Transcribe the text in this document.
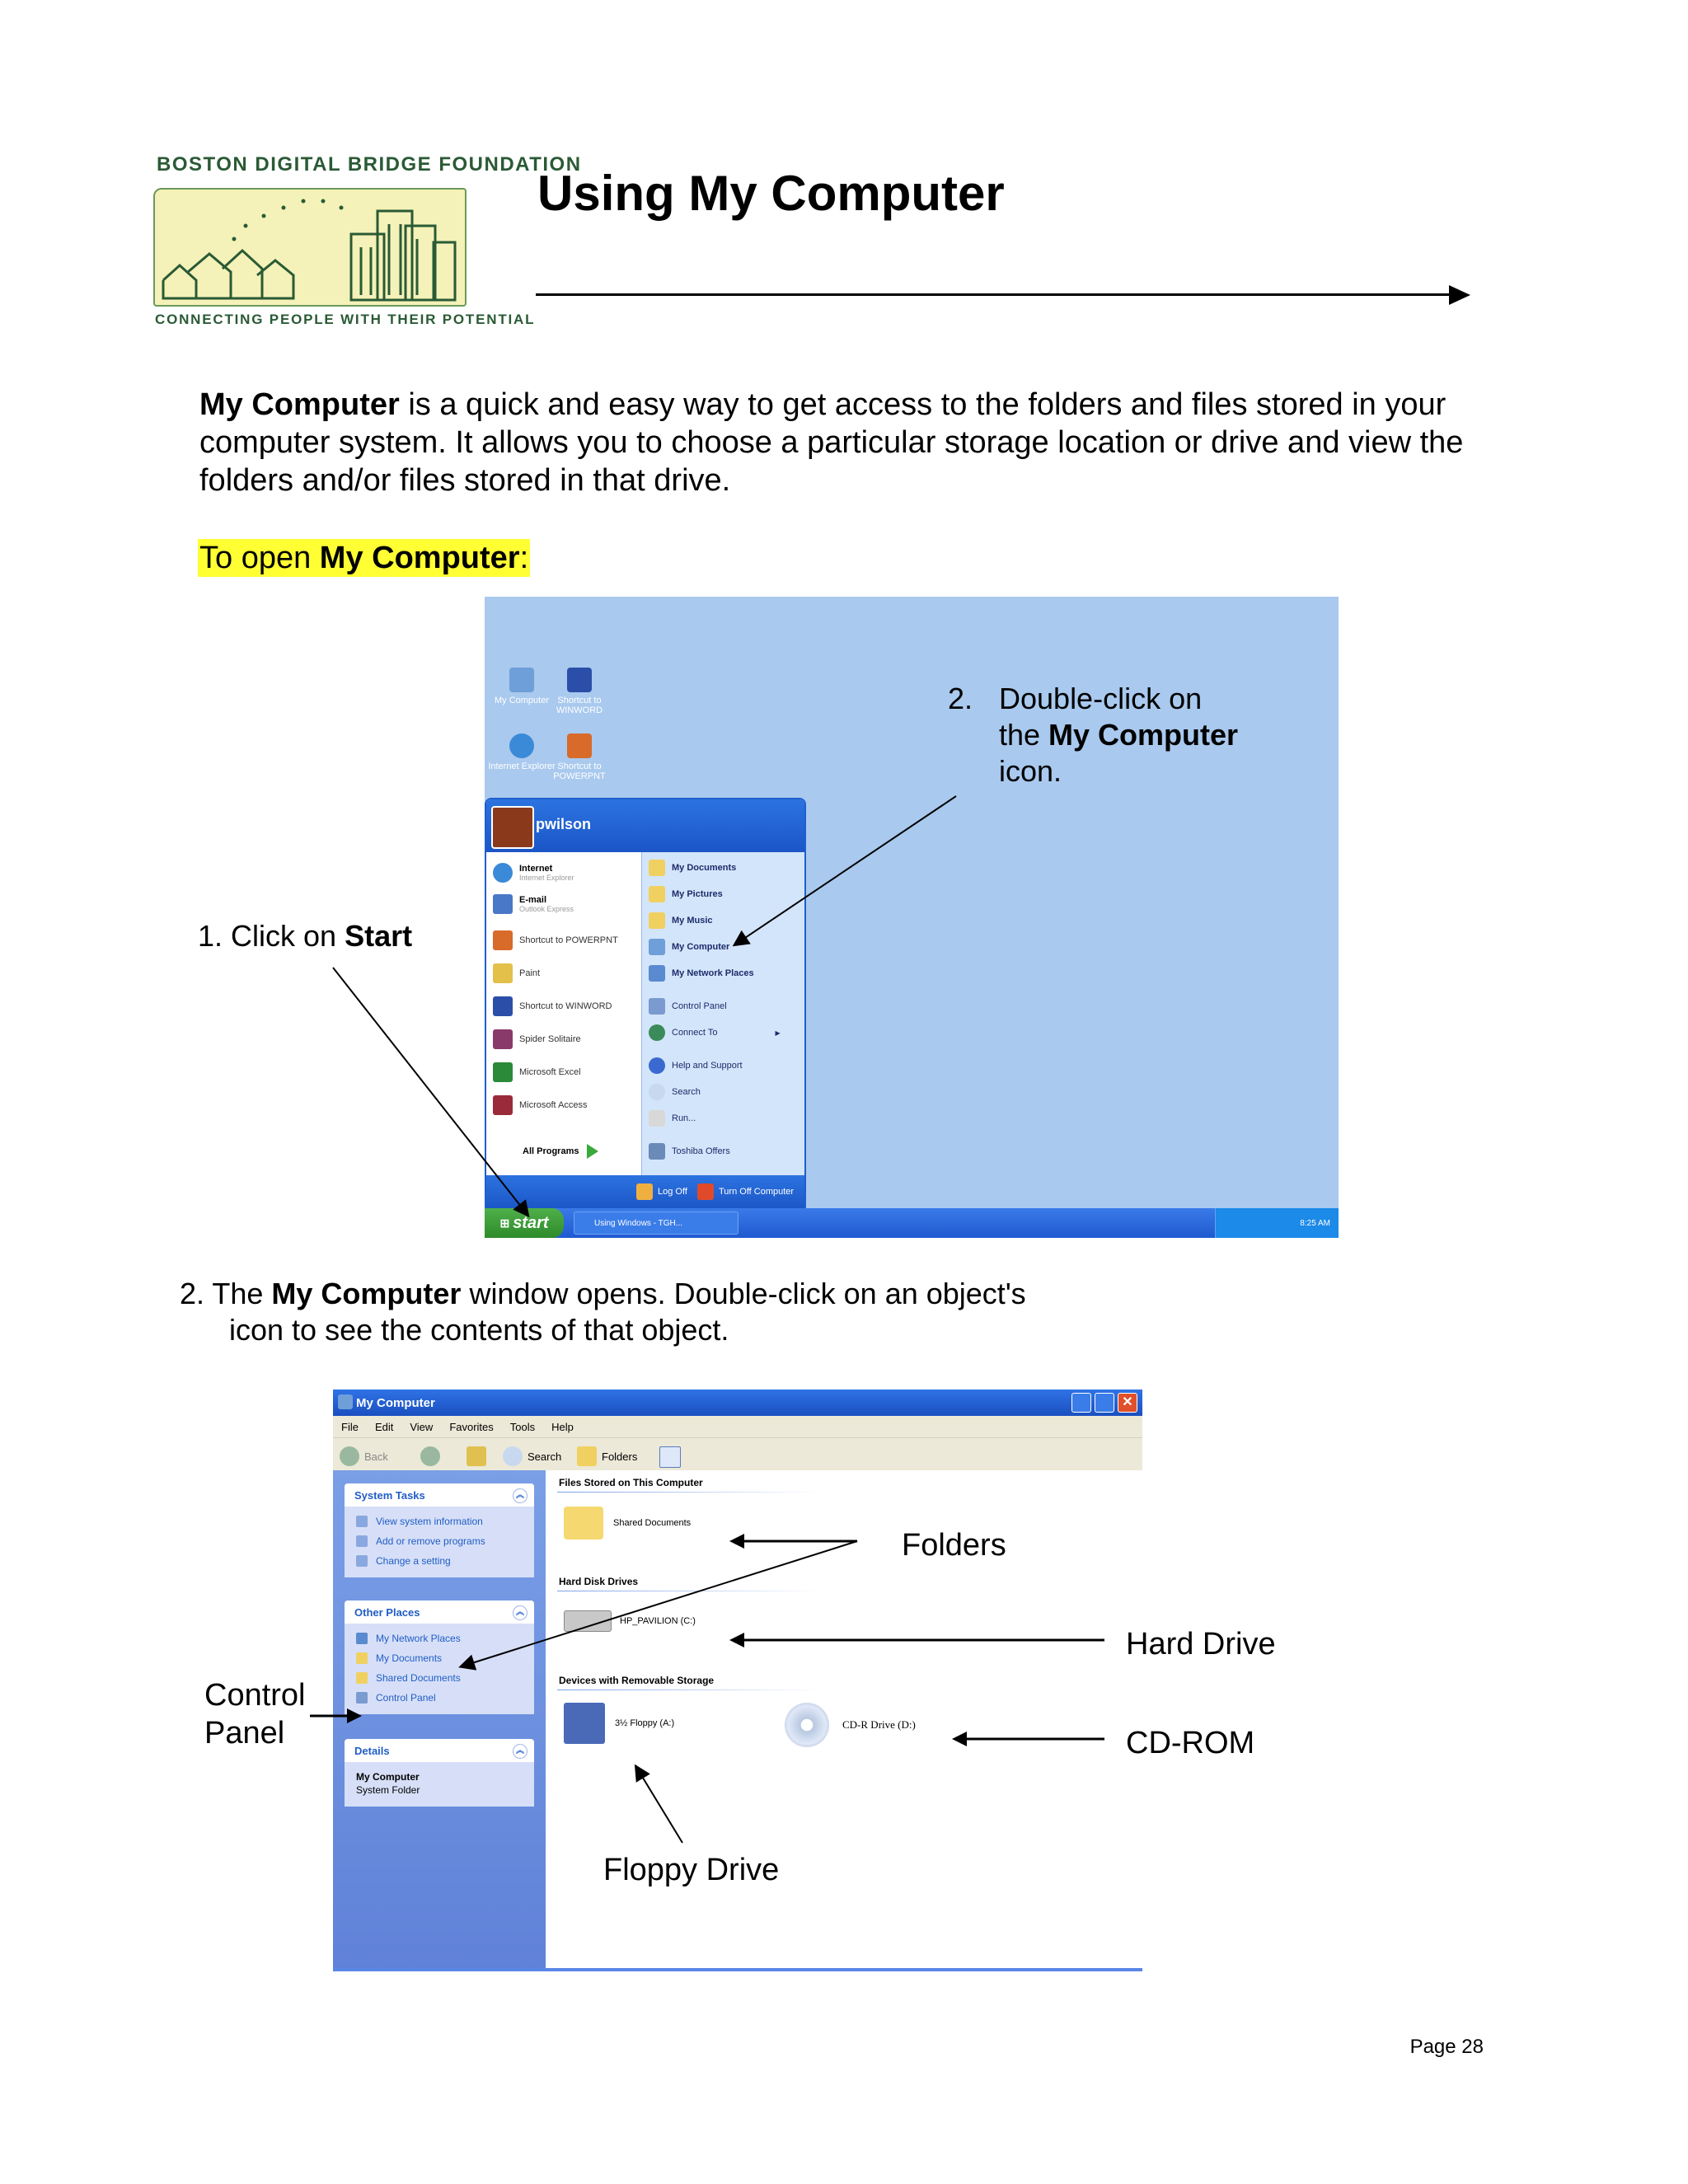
BOSTON DIGITAL BRIDGE FOUNDATION
CONNECTING PEOPLE WITH THEIR POTENTIAL
Using My Computer
My Computer is a quick and easy way to get access to the folders and files stored in your computer system. It allows you to choose a particular storage location or drive and view the folders and/or files stored in that drive.
To open My Computer:
My Computer Shortcut to WINWORD
Internet Explorer Shortcut to POWERPNT
pwilson
Internet
Internet Explorer
E-mail
Outlook Express
Shortcut to POWERPNT
Paint
Shortcut to WINWORD
Spider Solitaire
Microsoft Excel
Microsoft Access
All Programs
My Documents
My Pictures
My Music
My Computer
My Network Places
Control Panel
Connect To	▶
Help and Support
Search
Run...
Toshiba Offers
Log Off	Turn Off Computer
⊞ start	Using Windows - TGH...	8:25 AM
1. Click on Start
2. Double-click on
the My Computer
icon.
2. The My Computer window opens. Double-click on an object's
icon to see the contents of that object.
My Computer	✕
File Edit View Favorites Tools Help
Back	Search	Folders
System Tasks	︽
View system information
Add or remove programs
Change a setting
Other Places	︽
My Network Places
My Documents
Shared Documents
Control Panel
Details	︽
My Computer
System Folder
Files Stored on This Computer
Shared Documents
Hard Disk Drives
HP_PAVILION (C:)
Devices with Removable Storage
3½ Floppy (A:)	CD-R Drive (D:)
Folders
Hard Drive
CD-ROM
Control
Panel
Floppy Drive
Page 28
